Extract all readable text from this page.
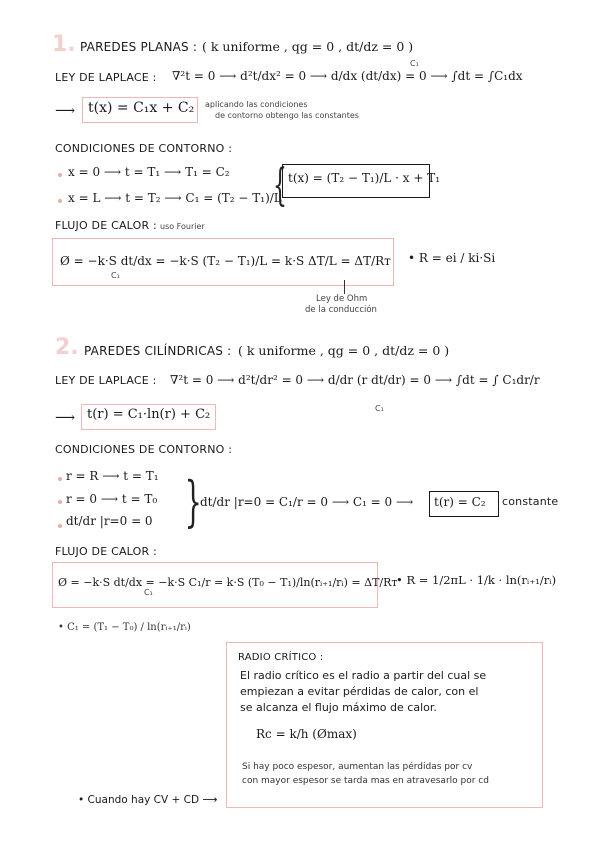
1. PAREDES PLANAS : ( k uniforme , qg = 0 , dt/dz = 0 )
LEY DE LAPLACE : ∇²t = 0 ⟶ d²t/dx² = 0 ⟶ d/dx (dt/dx) = 0 ⟶ ∫dt = ∫C₁dx
C₁
⟶ t(x) = C₁x + C₂ aplicando las condiciones
de contorno obtengo las constantes
CONDICIONES DE CONTORNO :
x = 0 ⟶ t = T₁ ⟶ T₁ = C₂
x = L ⟶ t = T₂ ⟶ C₁ = (T₂ − T₁)/L
{ t(x) = (T₂ − T₁)/L · x + T₁
FLUJO DE CALOR : uso Fourier
Ø = −k·S dt/dx = −k·S (T₂ − T₁)/L = k·S ΔT/L = ΔT/Rт
C₁
• R = ei / ki·Si
Ley de Ohm
de la conducción
2. PAREDES CILÍNDRICAS : ( k uniforme , qg = 0 , dt/dz = 0 )
LEY DE LAPLACE : ∇²t = 0 ⟶ d²t/dr² = 0 ⟶ d/dr (r dt/dr) = 0 ⟶ ∫dt = ∫ C₁dr/r
C₁
⟶ t(r) = C₁·ln(r) + C₂
CONDICIONES DE CONTORNO :
r = R ⟶ t = T₁
r = 0 ⟶ t = T₀
dt/dr |r=0 = 0 }
dt/dr |r=0 = C₁/r = 0 ⟶ C₁ = 0 ⟶ t(r) = C₂ constante
FLUJO DE CALOR :
Ø = −k·S dt/dx = −k·S C₁/r = k·S (T₀ − T₁)/ln(rᵢ₊₁/rᵢ) = ΔT/Rт
C₁
• R = 1/2πL · 1/k · ln(rᵢ₊₁/rᵢ)
• C₁ = (T₁ − T₀) / ln(rᵢ₊₁/rᵢ)
RADIO CRÍTICO :
El radio crítico es el radio a partir del cual se
empiezan a evitar pérdidas de calor, con el
se alcanza el flujo máximo de calor.
Rc = k/h (Ømax)
Si hay poco espesor, aumentan las pérdidas por cv
con mayor espesor se tarda mas en atravesarlo por cd
• Cuando hay CV + CD ⟶
